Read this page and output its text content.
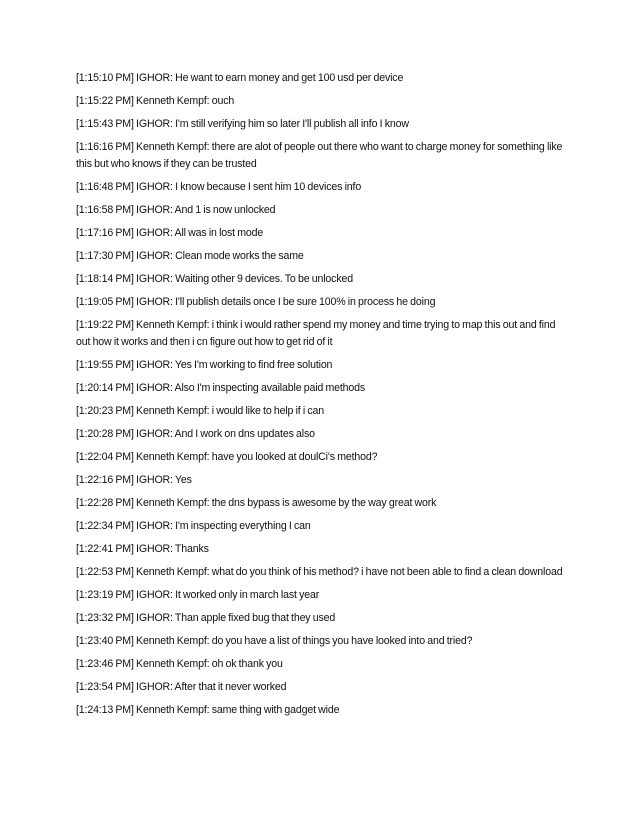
[1:15:10 PM] IGHOR: He want to earn money and get 100 usd per device
[1:15:22 PM] Kenneth Kempf: ouch
[1:15:43 PM] IGHOR: I'm still verifying him so later I'll publish all info I know
[1:16:16 PM] Kenneth Kempf: there are alot of people out there who want to charge money for something like this but who knows if they can be trusted
[1:16:48 PM] IGHOR: I know because I sent him 10 devices info
[1:16:58 PM] IGHOR: And 1 is now unlocked
[1:17:16 PM] IGHOR: All was in lost mode
[1:17:30 PM] IGHOR: Clean mode works the same
[1:18:14 PM] IGHOR: Waiting other 9 devices. To be unlocked
[1:19:05 PM] IGHOR: I'll publish details once I be sure 100% in process he doing
[1:19:22 PM] Kenneth Kempf: i think i would rather spend my money and time trying to map this out and find out how it works and then i cn figure out how to get rid of it
[1:19:55 PM] IGHOR: Yes I'm working to find free solution
[1:20:14 PM] IGHOR: Also I'm inspecting available paid methods
[1:20:23 PM] Kenneth Kempf: i would like to help if i can
[1:20:28 PM] IGHOR: And I work on dns updates also
[1:22:04 PM] Kenneth Kempf: have you looked at doulCi's method?
[1:22:16 PM] IGHOR: Yes
[1:22:28 PM] Kenneth Kempf: the dns bypass is awesome by the way great work
[1:22:34 PM] IGHOR: I'm inspecting everything I can
[1:22:41 PM] IGHOR: Thanks
[1:22:53 PM] Kenneth Kempf: what do you think of his method? i have not been able to find a clean download
[1:23:19 PM] IGHOR: It worked only in march last year
[1:23:32 PM] IGHOR: Than apple fixed bug that they used
[1:23:40 PM] Kenneth Kempf: do you have a list of things you have looked into and tried?
[1:23:46 PM] Kenneth Kempf: oh ok thank you
[1:23:54 PM] IGHOR: After that it never worked
[1:24:13 PM] Kenneth Kempf: same thing with gadget wide
